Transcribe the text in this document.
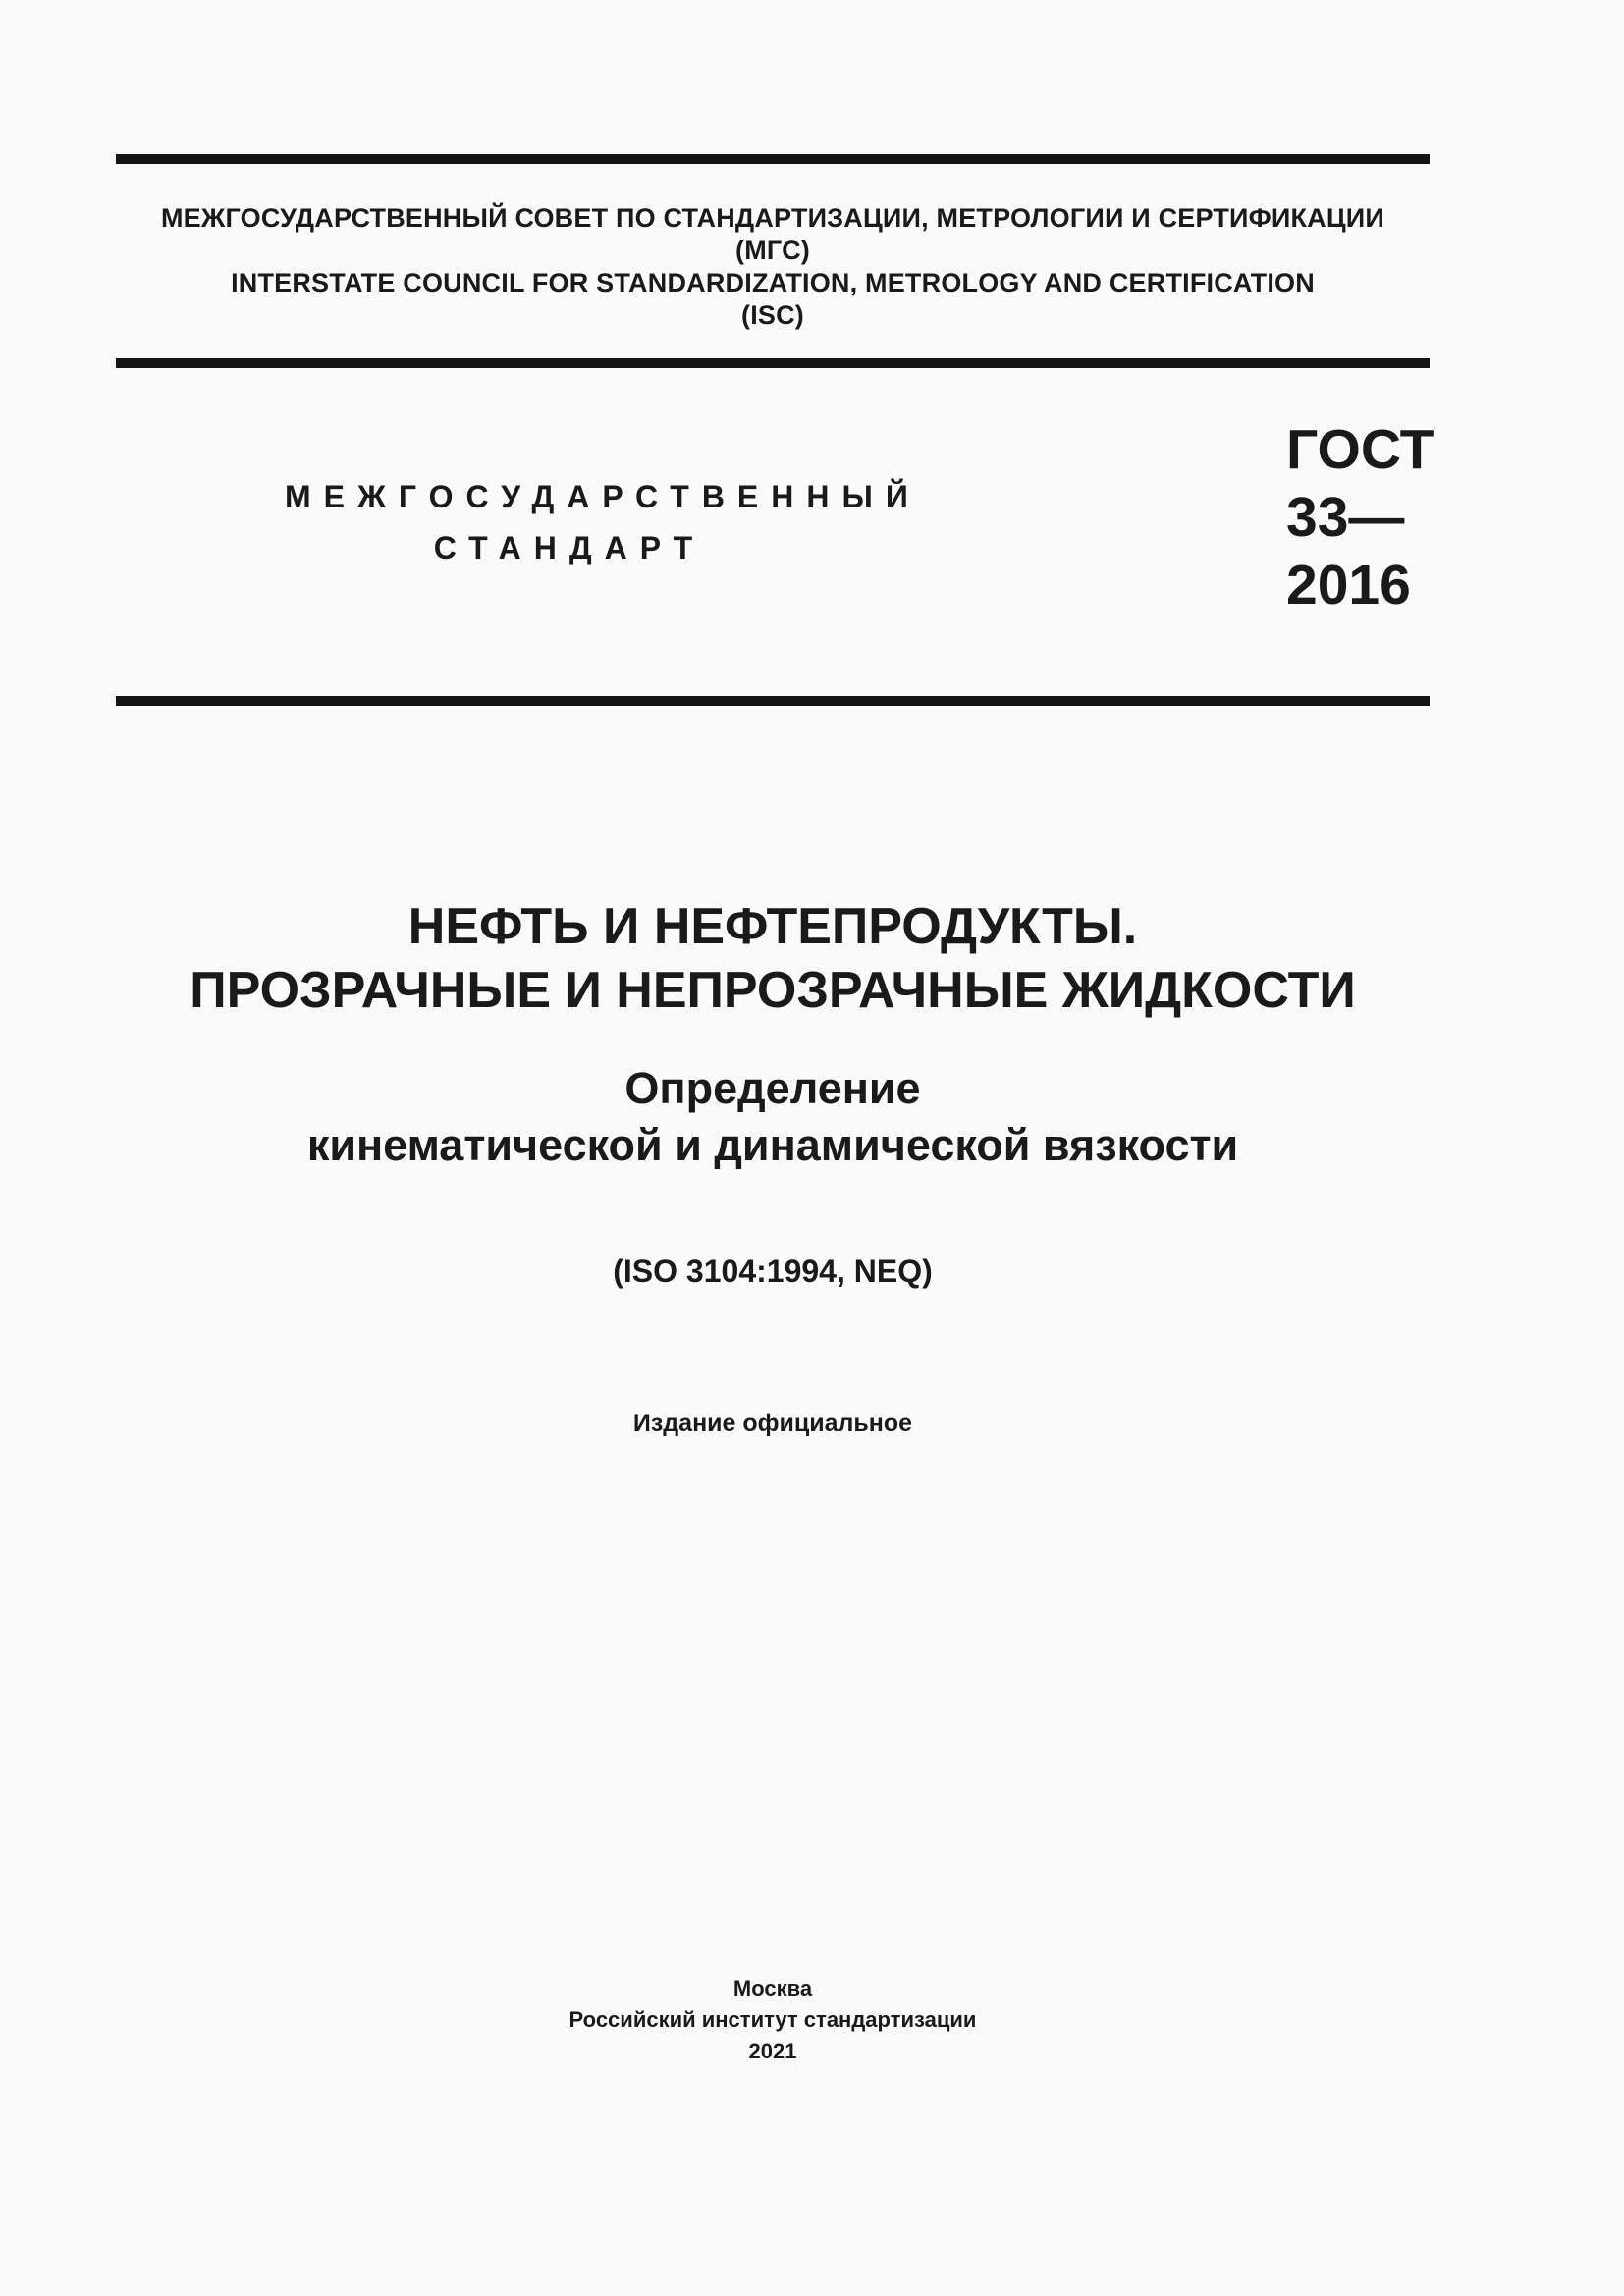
МЕЖГОСУДАРСТВЕННЫЙ СОВЕТ ПО СТАНДАРТИЗАЦИИ, МЕТРОЛОГИИ И СЕРТИФИКАЦИИ
(МГС)
INTERSTATE COUNCIL FOR STANDARDIZATION, METROLOGY AND CERTIFICATION
(ISC)
МЕЖГОСУДАРСТВЕННЫЙ
СТАНДАРТ
ГОСТ
33—
2016
НЕФТЬ И НЕФТЕПРОДУКТЫ.
ПРОЗРАЧНЫЕ И НЕПРОЗРАЧНЫЕ ЖИДКОСТИ
Определение
кинематической и динамической вязкости
(ISO 3104:1994, NEQ)
Издание официальное
Москва
Российский институт стандартизации
2021
